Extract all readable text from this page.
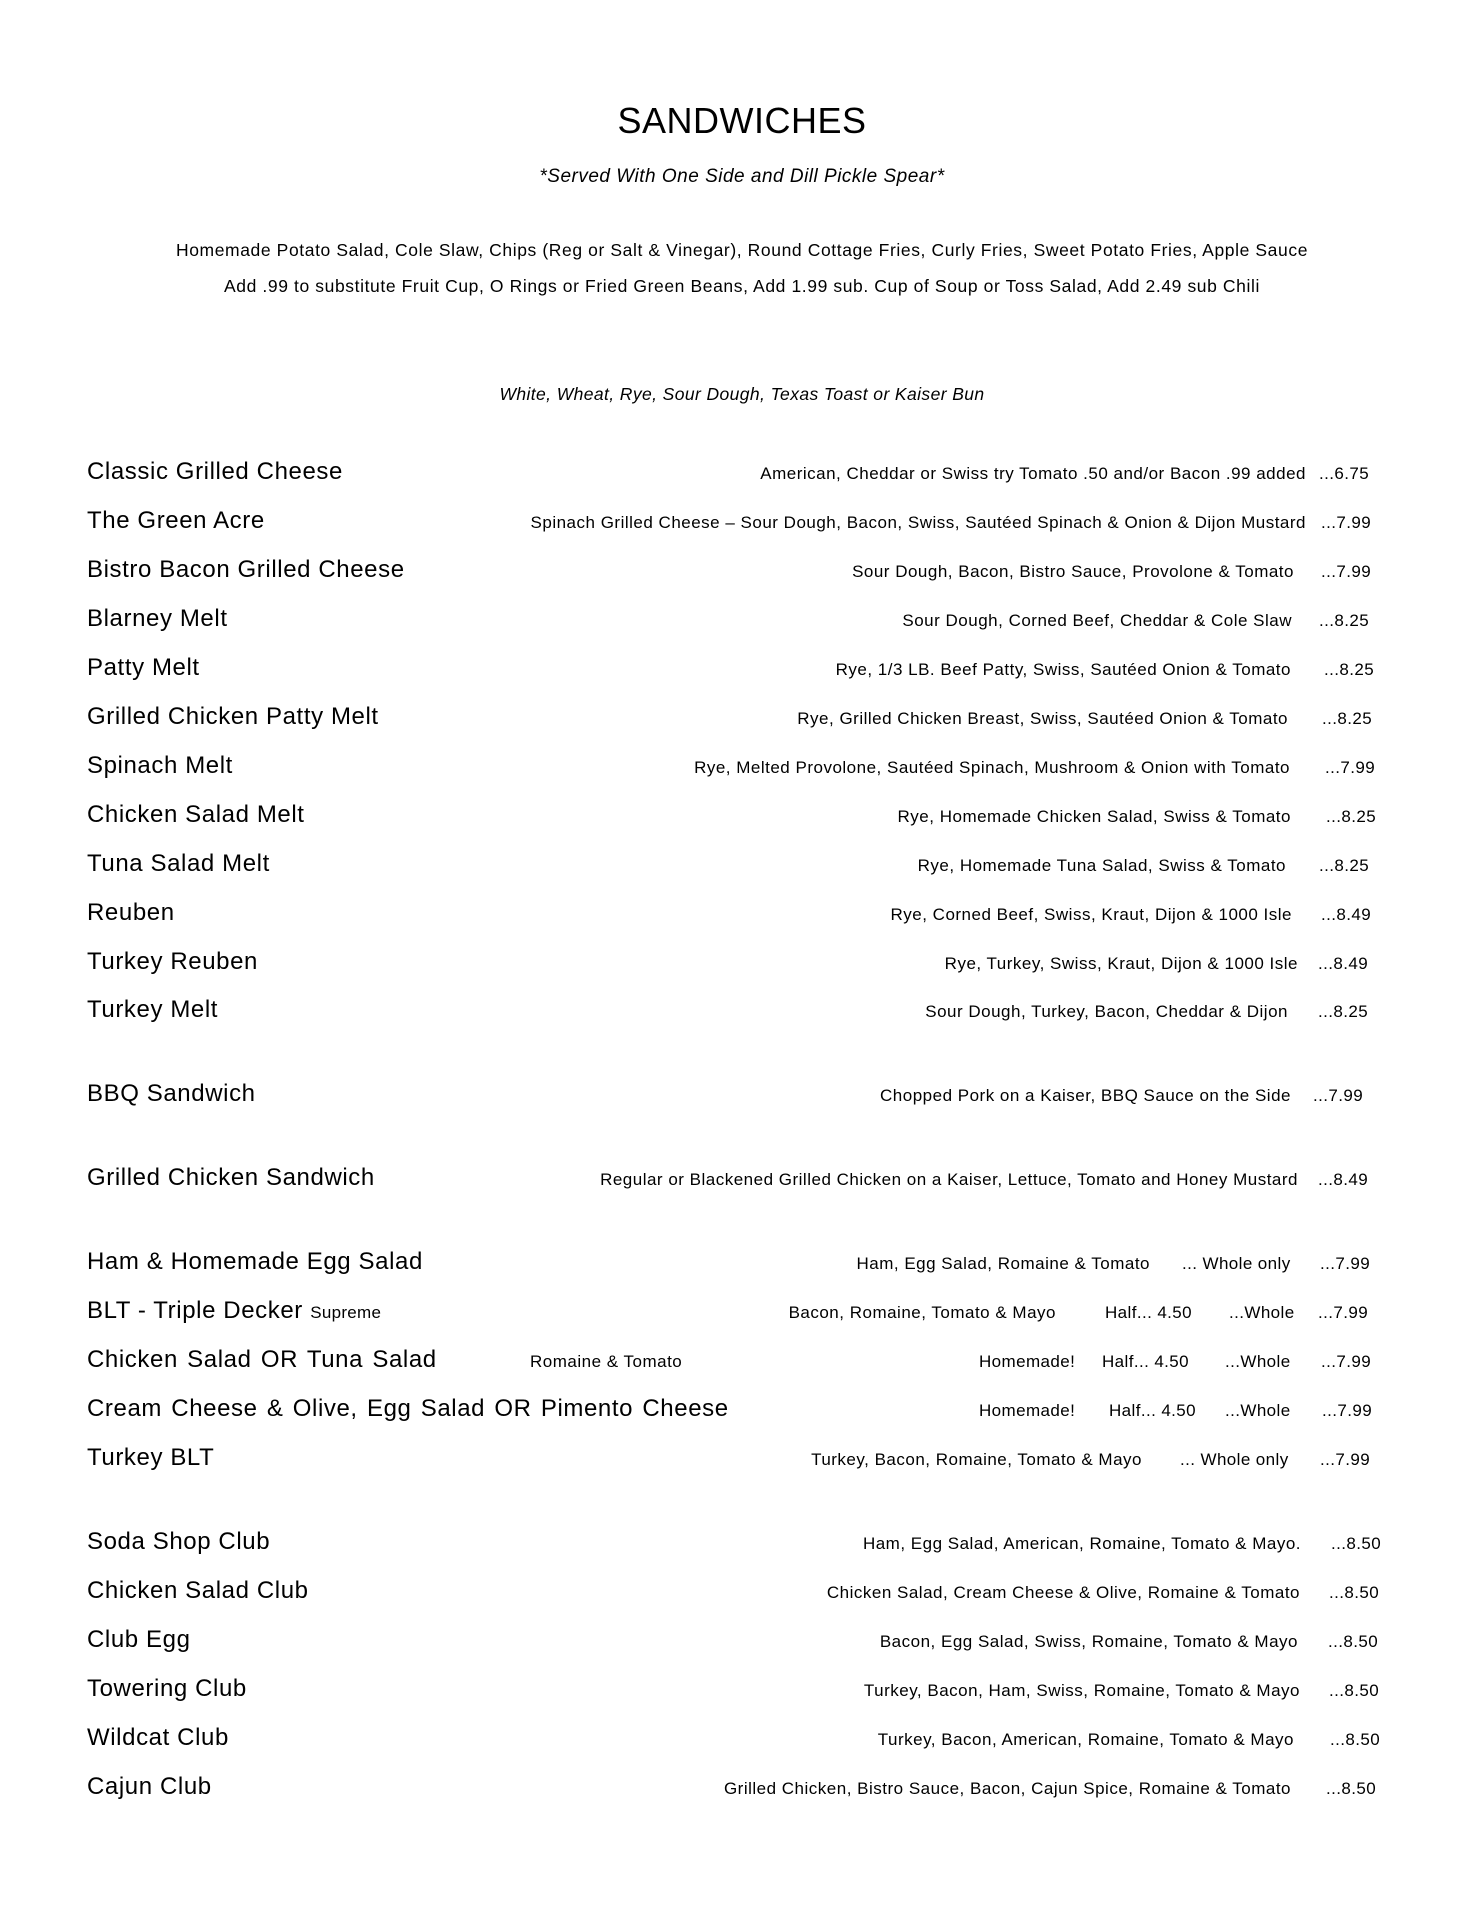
SANDWICHES
*Served With One Side and Dill Pickle Spear*
Homemade Potato Salad, Cole Slaw, Chips (Reg or Salt & Vinegar), Round Cottage Fries, Curly Fries, Sweet Potato Fries, Apple Sauce
Add .99 to substitute Fruit Cup, O Rings or Fried Green Beans, Add 1.99 sub. Cup of Soup or Toss Salad, Add 2.49 sub Chili
White, Wheat, Rye, Sour Dough, Texas Toast or Kaiser Bun
Classic Grilled Cheese	American, Cheddar or Swiss try Tomato .50 and/or Bacon .99 added ...6.75
The Green Acre	Spinach Grilled Cheese – Sour Dough, Bacon, Swiss, Sautéed Spinach & Onion & Dijon Mustard ...7.99
Bistro Bacon Grilled Cheese	Sour Dough, Bacon, Bistro Sauce, Provolone & Tomato ...7.99
Blarney Melt	Sour Dough, Corned Beef, Cheddar & Cole Slaw ...8.25
Patty Melt	Rye, 1/3 LB. Beef Patty, Swiss, Sautéed Onion & Tomato ...8.25
Grilled Chicken Patty Melt	Rye, Grilled Chicken Breast, Swiss, Sautéed Onion & Tomato ...8.25
Spinach Melt	Rye, Melted Provolone, Sautéed Spinach, Mushroom & Onion with Tomato ...7.99
Chicken Salad Melt	Rye, Homemade Chicken Salad, Swiss & Tomato ...8.25
Tuna Salad Melt	Rye, Homemade Tuna Salad, Swiss & Tomato ...8.25
Reuben	Rye, Corned Beef, Swiss, Kraut, Dijon & 1000 Isle ...8.49
Turkey Reuben	Rye, Turkey, Swiss, Kraut, Dijon & 1000 Isle ...8.49
Turkey Melt	Sour Dough, Turkey, Bacon, Cheddar & Dijon ...8.25
BBQ Sandwich	Chopped Pork on a Kaiser, BBQ Sauce on the Side ...7.99
Grilled Chicken Sandwich	Regular or Blackened Grilled Chicken on a Kaiser, Lettuce, Tomato and Honey Mustard ...8.49
Ham & Homemade Egg Salad	Ham, Egg Salad, Romaine & Tomato ... Whole only ...7.99
BLT - Triple Decker Supreme	Bacon, Romaine, Tomato & Mayo	Half... 4.50 ...Whole ...7.99
Chicken Salad OR Tuna Salad	Romaine & Tomato	Homemade! Half... 4.50 ...Whole ...7.99
Cream Cheese & Olive, Egg Salad OR Pimento Cheese	Homemade! Half... 4.50 ...Whole ...7.99
Turkey BLT	Turkey, Bacon, Romaine, Tomato & Mayo ... Whole only ...7.99
Soda Shop Club	Ham, Egg Salad, American, Romaine, Tomato & Mayo. ...8.50
Chicken Salad Club	Chicken Salad, Cream Cheese & Olive, Romaine & Tomato ...8.50
Club Egg	Bacon, Egg Salad, Swiss, Romaine, Tomato & Mayo ...8.50
Towering Club	Turkey, Bacon, Ham, Swiss, Romaine, Tomato & Mayo ...8.50
Wildcat Club	Turkey, Bacon, American, Romaine, Tomato & Mayo ...8.50
Cajun Club	Grilled Chicken, Bistro Sauce, Bacon, Cajun Spice, Romaine & Tomato ...8.50
